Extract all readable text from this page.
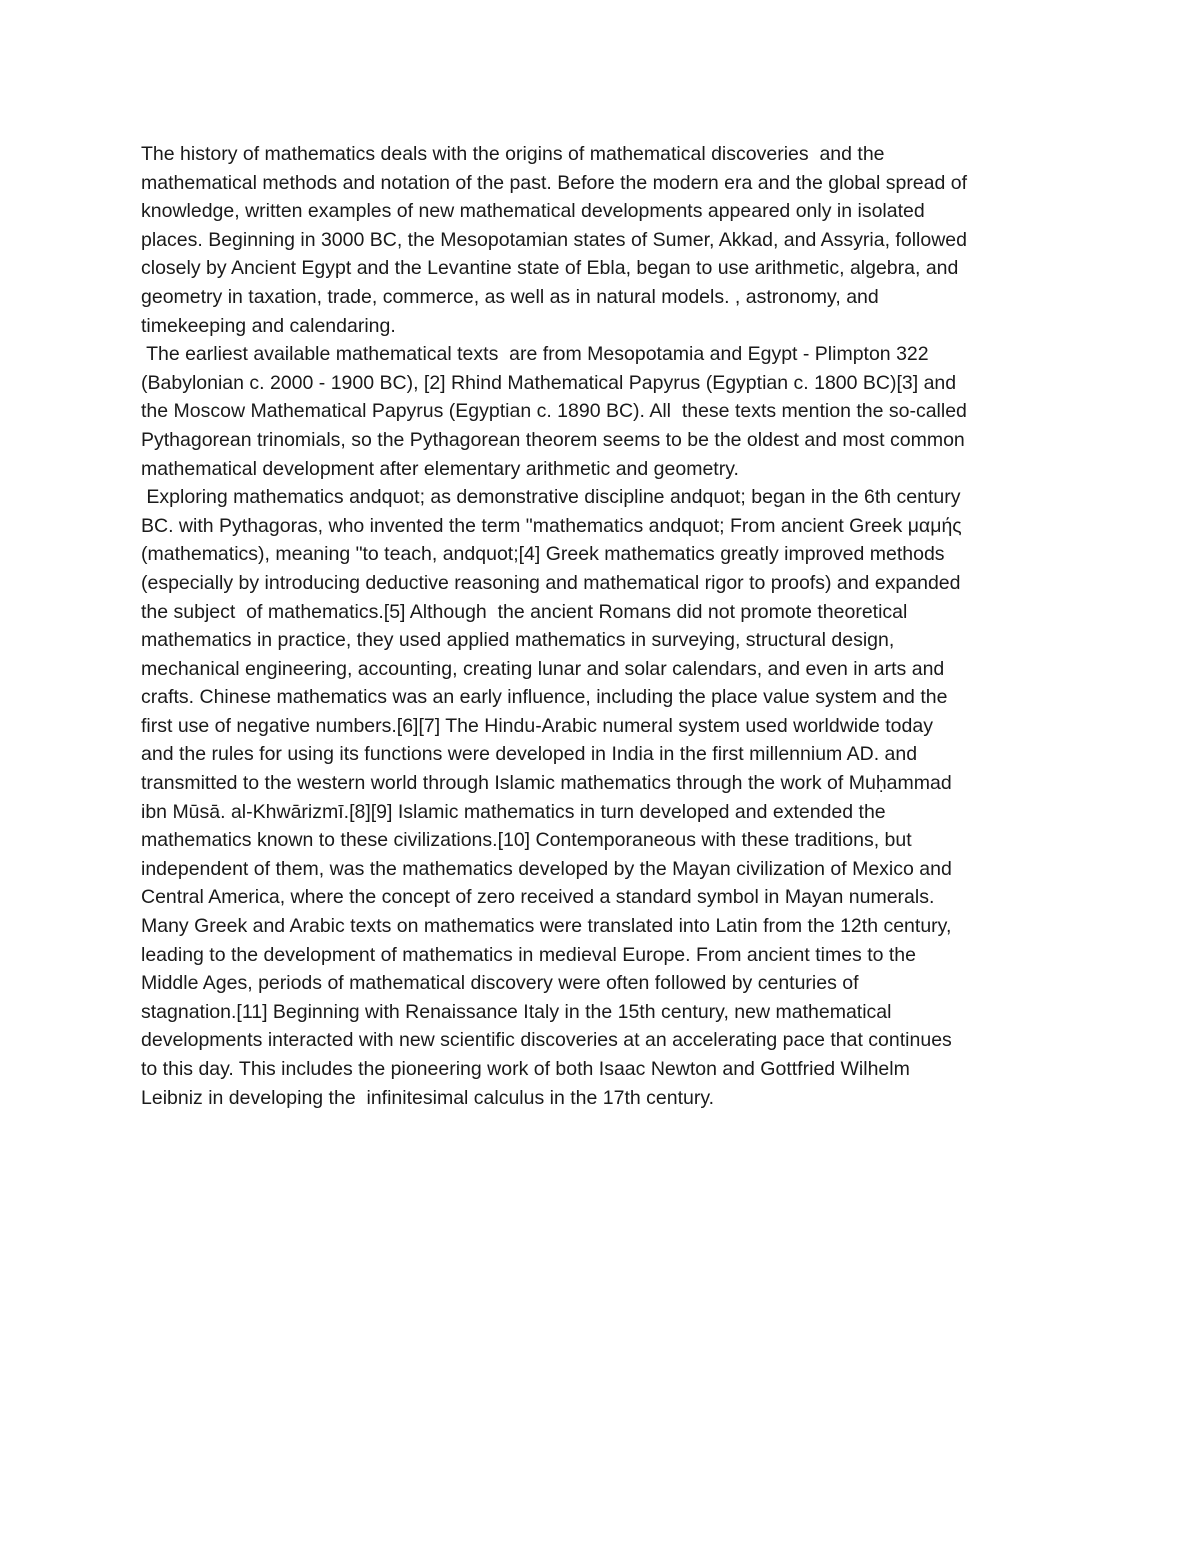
The history of mathematics deals with the origins of mathematical discoveries  and the
mathematical methods and notation of the past. Before the modern era and the global spread of
knowledge, written examples of new mathematical developments appeared only in isolated
places. Beginning in 3000 BC, the Mesopotamian states of Sumer, Akkad, and Assyria, followed
closely by Ancient Egypt and the Levantine state of Ebla, began to use arithmetic, algebra, and
geometry in taxation, trade, commerce, as well as in natural models. , astronomy, and
timekeeping and calendaring.
The earliest available mathematical texts  are from Mesopotamia and Egypt - Plimpton 322
(Babylonian c. 2000 - 1900 BC), [2] Rhind Mathematical Papyrus (Egyptian c. 1800 BC)[3] and
the Moscow Mathematical Papyrus (Egyptian c. 1890 BC). All  these texts mention the so-called
Pythagorean trinomials, so the Pythagorean theorem seems to be the oldest and most common
mathematical development after elementary arithmetic and geometry.
Exploring mathematics andquot; as demonstrative discipline andquot; began in the 6th century
BC. with Pythagoras, who invented the term "mathematics andquot; From ancient Greek μαμής
(mathematics), meaning "to teach, andquot;[4] Greek mathematics greatly improved methods
(especially by introducing deductive reasoning and mathematical rigor to proofs) and expanded
the subject  of mathematics.[5] Although  the ancient Romans did not promote theoretical
mathematics in practice, they used applied mathematics in surveying, structural design,
mechanical engineering, accounting, creating lunar and solar calendars, and even in arts and
crafts. Chinese mathematics was an early influence, including the place value system and the
first use of negative numbers.[6][7] The Hindu-Arabic numeral system used worldwide today
and the rules for using its functions were developed in India in the first millennium AD. and
transmitted to the western world through Islamic mathematics through the work of Muḥammad
ibn Mūsā. al-Khwārizmī.[8][9] Islamic mathematics in turn developed and extended the
mathematics known to these civilizations.[10] Contemporaneous with these traditions, but
independent of them, was the mathematics developed by the Mayan civilization of Mexico and
Central America, where the concept of zero received a standard symbol in Mayan numerals.
Many Greek and Arabic texts on mathematics were translated into Latin from the 12th century,
leading to the development of mathematics in medieval Europe. From ancient times to the
Middle Ages, periods of mathematical discovery were often followed by centuries of
stagnation.[11] Beginning with Renaissance Italy in the 15th century, new mathematical
developments interacted with new scientific discoveries at an accelerating pace that continues
to this day. This includes the pioneering work of both Isaac Newton and Gottfried Wilhelm
Leibniz in developing the  infinitesimal calculus in the 17th century.
